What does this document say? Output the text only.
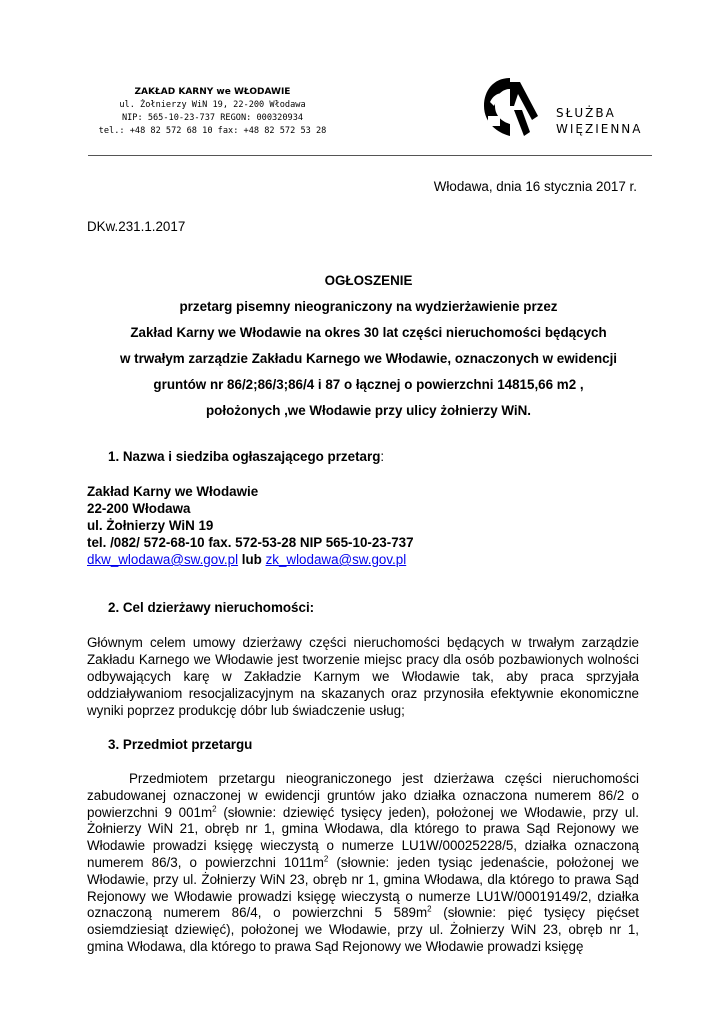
ZAKŁAD KARNY we WŁODAWIE
ul. Żołnierzy WiN 19, 22-200 Włodawa
NIP: 565-10-23-737 REGON: 000320934
tel.: +48 82 572 68 10 fax: +48 82 572 53 28
SŁUŻBA
WIĘZIENNA
Włodawa, dnia 16 stycznia 2017 r.
DKw.231.1.2017
OGŁOSZENIE
przetarg pisemny nieograniczony na wydzierżawienie przez
Zakład Karny we Włodawie na okres 30 lat części nieruchomości będących
w trwałym zarządzie Zakładu Karnego we Włodawie, oznaczonych w ewidencji
gruntów nr 86/2;86/3;86/4 i 87 o łącznej o powierzchni 14815,66 m2 ,
położonych ,we Włodawie przy ulicy żołnierzy WiN.
1. Nazwa i siedziba ogłaszającego przetarg:
Zakład Karny we Włodawie
22-200 Włodawa
ul. Żołnierzy WiN 19
tel. /082/ 572-68-10 fax. 572-53-28 NIP 565-10-23-737
dkw_wlodawa@sw.gov.pl lub zk_wlodawa@sw.gov.pl
2. Cel dzierżawy nieruchomości:
Głównym celem umowy dzierżawy części nieruchomości będących w trwałym zarządzie Zakładu Karnego we Włodawie jest tworzenie miejsc pracy dla osób pozbawionych wolności odbywających karę w Zakładzie Karnym we Włodawie tak, aby praca sprzyjała oddziaływaniom resocjalizacyjnym na skazanych oraz przynosiła efektywnie ekonomiczne wyniki poprzez produkcję dóbr lub świadczenie usług;
3. Przedmiot przetargu
Przedmiotem przetargu nieograniczonego jest dzierżawa części nieruchomości zabudowanej oznaczonej w ewidencji gruntów jako działka oznaczona numerem 86/2 o powierzchni 9 $001m^2$ (słownie: dziewięć tysięcy jeden), położonej we Włodawie, przy ul. Żołnierzy WiN 21, obręb nr 1, gmina Włodawa, dla którego to prawa Sąd Rejonowy we Włodawie prowadzi księgę wieczystą o numerze LU1W/00025228/5, działka oznaczoną numerem 86/3, o powierzchni $1011m^2$ (słownie: jeden tysiąc jedenaście, położonej we Włodawie, przy ul. Żołnierzy WiN 23, obręb nr 1, gmina Włodawa, dla którego to prawa Sąd Rejonowy we Włodawie prowadzi księgę wieczystą o numerze LU1W/00019149/2, działka oznaczoną numerem 86/4, o powierzchni 5 $589m^2$ (słownie: pięć tysięcy pięćset osiemdziesiąt dziewięć), położonej we Włodawie, przy ul. Żołnierzy WiN 23, obręb nr 1, gmina Włodawa, dla którego to prawa Sąd Rejonowy we Włodawie prowadzi księgę
